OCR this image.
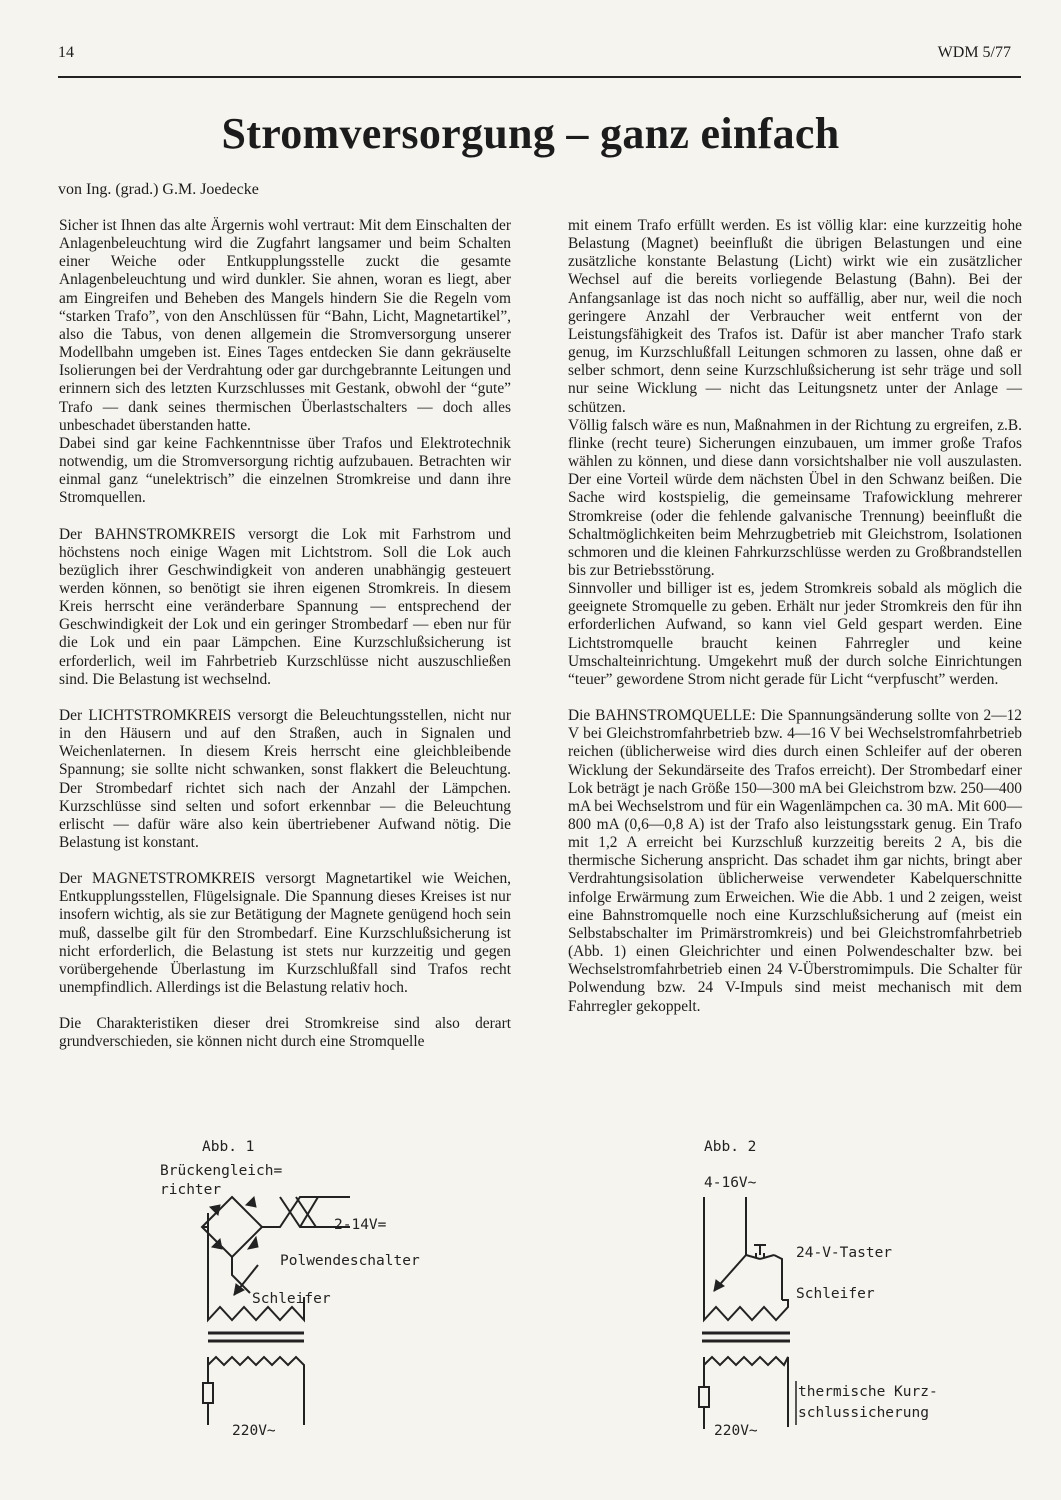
14	WDM 5/77
Stromversorgung – ganz einfach
von Ing. (grad.) G.M. Joedecke

Sicher ist Ihnen das alte Ärgernis wohl vertraut: Mit dem Einschalten der Anlagenbeleuchtung wird die Zugfahrt langsamer und beim Schalten einer Weiche oder Entkupplungsstelle zuckt die gesamte Anlagenbeleuchtung und wird dunkler. Sie ahnen, woran es liegt, aber am Eingreifen und Beheben des Mangels hindern Sie die Regeln vom “starken Trafo”, von den Anschlüssen für “Bahn, Licht, Magnetartikel”, also die Tabus, von denen allgemein die Stromversorgung unserer Modellbahn umgeben ist. Eines Tages entdecken Sie dann gekräuselte Isolierungen bei der Verdrahtung oder gar durchgebrannte Leitungen und erinnern sich des letzten Kurzschlusses mit Gestank, obwohl der “gute” Trafo — dank seines thermischen Überlastschalters — doch alles unbeschadet überstanden hatte.

Dabei sind gar keine Fachkenntnisse über Trafos und Elektrotechnik notwendig, um die Stromversorgung richtig aufzubauen. Betrachten wir einmal ganz “unelektrisch” die einzelnen Stromkreise und dann ihre Stromquellen.

Der BAHNSTROMKREIS versorgt die Lok mit Farhstrom und höchstens noch einige Wagen mit Lichtstrom. Soll die Lok auch bezüglich ihrer Geschwindigkeit von anderen unabhängig gesteuert werden können, so benötigt sie ihren eigenen Stromkreis. In diesem Kreis herrscht eine veränderbare Spannung — entsprechend der Geschwindigkeit der Lok und ein geringer Strombedarf — eben nur für die Lok und ein paar Lämpchen. Eine Kurzschlußsicherung ist erforderlich, weil im Fahrbetrieb Kurzschlüsse nicht auszuschließen sind. Die Belastung ist wechselnd.

Der LICHTSTROMKREIS versorgt die Beleuchtungsstellen, nicht nur in den Häusern und auf den Straßen, auch in Signalen und Weichenlaternen. In diesem Kreis herrscht eine gleichbleibende Spannung; sie sollte nicht schwanken, sonst flakkert die Beleuchtung. Der Strombedarf richtet sich nach der Anzahl der Lämpchen. Kurzschlüsse sind selten und sofort erkennbar — die Beleuchtung erlischt — dafür wäre also kein übertriebener Aufwand nötig. Die Belastung ist konstant.

Der MAGNETSTROMKREIS versorgt Magnetartikel wie Weichen, Entkupplungsstellen, Flügelsignale. Die Spannung dieses Kreises ist nur insofern wichtig, als sie zur Betätigung der Magnete genügend hoch sein muß, dasselbe gilt für den Strombedarf. Eine Kurzschlußsicherung ist nicht erforderlich, die Belastung ist stets nur kurzzeitig und gegen vorübergehende Überlastung im Kurzschlußfall sind Trafos recht unempfindlich. Allerdings ist die Belastung relativ hoch.

Die Charakteristiken dieser drei Stromkreise sind also derart grundverschieden, sie können nicht durch eine Stromquelle

mit einem Trafo erfüllt werden. Es ist völlig klar: eine kurzzeitig hohe Belastung (Magnet) beeinflußt die übrigen Belastungen und eine zusätzliche konstante Belastung (Licht) wirkt wie ein zusätzlicher Wechsel auf die bereits vorliegende Belastung (Bahn). Bei der Anfangsanlage ist das noch nicht so auffällig, aber nur, weil die noch geringere Anzahl der Verbraucher weit entfernt von der Leistungsfähigkeit des Trafos ist. Dafür ist aber mancher Trafo stark genug, im Kurzschlußfall Leitungen schmoren zu lassen, ohne daß er selber schmort, denn seine Kurzschlußsicherung ist sehr träge und soll nur seine Wicklung — nicht das Leitungsnetz unter der Anlage — schützen.

Völlig falsch wäre es nun, Maßnahmen in der Richtung zu ergreifen, z.B. flinke (recht teure) Sicherungen einzubauen, um immer große Trafos wählen zu können, und diese dann vorsichtshalber nie voll auszulasten. Der eine Vorteil würde dem nächsten Übel in den Schwanz beißen. Die Sache wird kostspielig, die gemeinsame Trafowicklung mehrerer Stromkreise (oder die fehlende galvanische Trennung) beeinflußt die Schaltmöglichkeiten beim Mehrzugbetrieb mit Gleichstrom, Isolationen schmoren und die kleinen Fahrkurzschlüsse werden zu Großbrandstellen bis zur Betriebsstörung.

Sinnvoller und billiger ist es, jedem Stromkreis sobald als möglich die geeignete Stromquelle zu geben. Erhält nur jeder Stromkreis den für ihn erforderlichen Aufwand, so kann viel Geld gespart werden. Eine Lichtstromquelle braucht keinen Fahrregler und keine Umschalteinrichtung. Umgekehrt muß der durch solche Einrichtungen “teuer” gewordene Strom nicht gerade für Licht “verpfuscht” werden.

Die BAHNSTROMQUELLE: Die Spannungsänderung sollte von 2—12 V bei Gleichstromfahrbetrieb bzw. 4—16 V bei Wechselstromfahrbetrieb reichen (üblicherweise wird dies durch einen Schleifer auf der oberen Wicklung der Sekundärseite des Trafos erreicht). Der Strombedarf einer Lok beträgt je nach Größe 150—300 mA bei Gleichstrom bzw. 250—400 mA bei Wechselstrom und für ein Wagenlämpchen ca. 30 mA. Mit 600—800 mA (0,6—0,8 A) ist der Trafo also leistungsstark genug. Ein Trafo mit 1,2 A erreicht bei Kurzschluß kurzzeitig bereits 2 A, bis die thermische Sicherung anspricht. Das schadet ihm gar nichts, bringt aber Verdrahtungsisolation üblicherweise verwendeter Kabelquerschnitte infolge Erwärmung zum Erweichen. Wie die Abb. 1 und 2 zeigen, weist eine Bahnstromquelle noch eine Kurzschlußsicherung auf (meist ein Selbstabschalter im Primärstromkreis) und bei Gleichstromfahrbetrieb (Abb. 1) einen Gleichrichter und einen Polwendeschalter bzw. bei Wechselstromfahrbetrieb einen 24 V-Überstromimpuls. Die Schalter für Polwendung bzw. 24 V-Impuls sind meist mechanisch mit dem Fahrregler gekoppelt.

Abb. 1
Brückengleich=
richter
2-14V=
Polwendeschalter
Schleifer
220V~
Abb. 2
4-16V~
24-V-Taster
Schleifer
thermische Kurz-
schlussicherung
220V~
